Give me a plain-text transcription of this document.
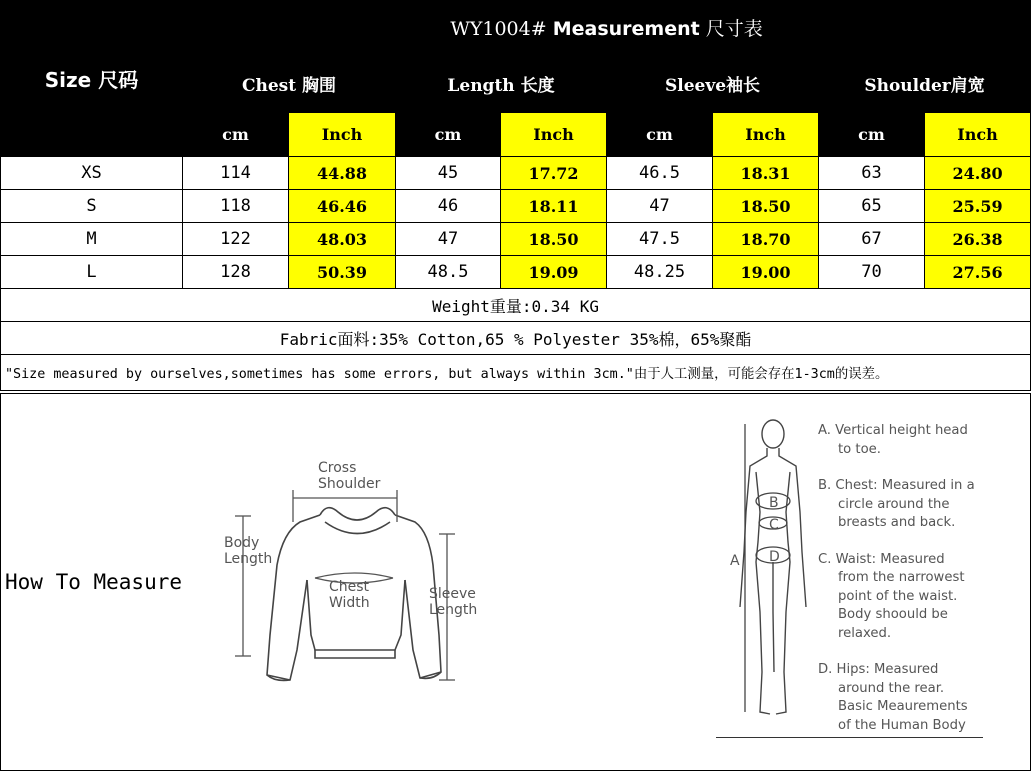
Size 尺码	WY1004# Measurement 尺寸表							
	Chest 胸围		Length 长度		Sleeve袖长		Shoulder肩宽	
	cm	Inch	cm	Inch	cm	Inch	cm	Inch
XS	114	44.88	45	17.72	46.5	18.31	63	24.80
S	118	46.46	46	18.11	47	18.50	65	25.59
M	122	48.03	47	18.50	47.5	18.70	67	26.38
L	128	50.39	48.5	19.09	48.25	19.00	70	27.56
Weight重量:0.34 KG								
Fabric面料:35% Cotton,65 % Polyester 35%棉，65%聚酯								
"Size measured by ourselves,sometimes has some errors, but always within 3cm."由于人工测量，可能会存在1-3cm的误差。								
How To Measure
Cross
Shoulder
Body
Length
Chest
Width
Sleeve
Length
A
B
C
D
A. Vertical height head
to toe.
B. Chest: Measured in a
circle around the
breasts and back.
C. Waist: Measured
from the narrowest
point of the waist.
Body shoould be
relaxed.
D. Hips: Measured
around the rear.
Basic Meaurements
of the Human Body
